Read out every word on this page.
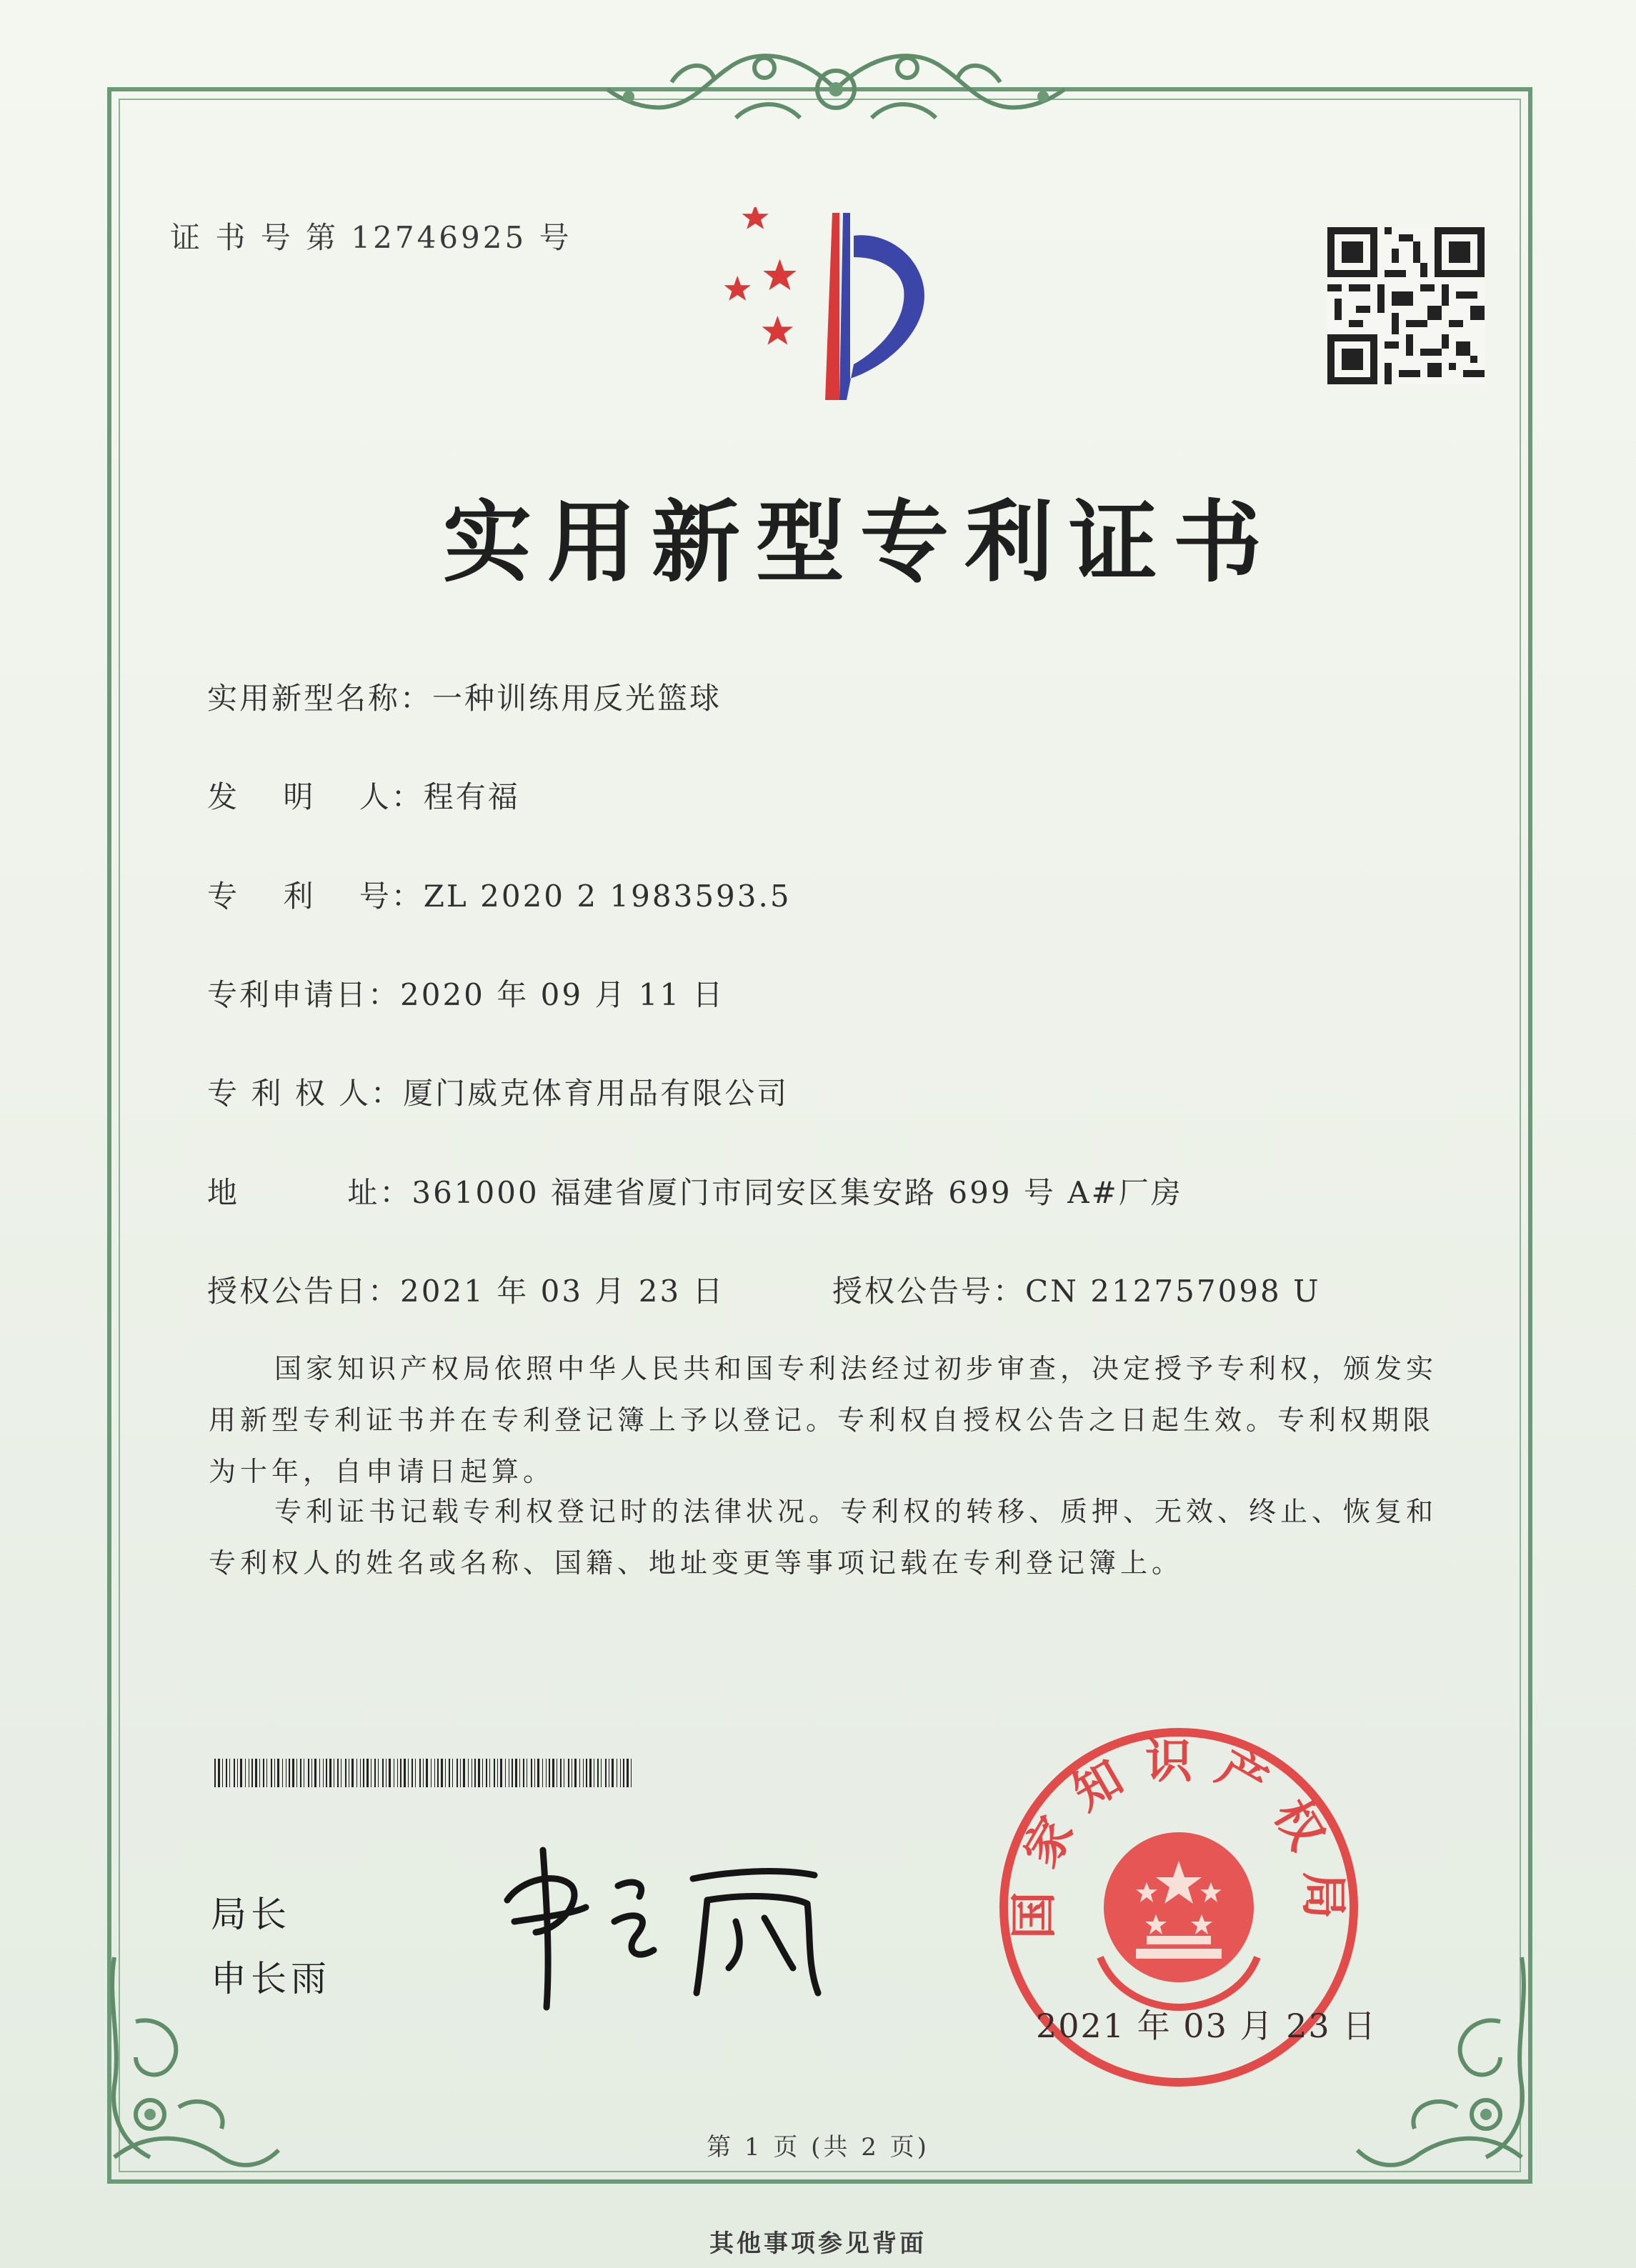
证 书 号 第 12746925 号
实用新型专利证书
实用新型名称：一种训练用反光篮球
发　 明　 人：程有福
专　 利　 号：ZL 2020 2 1983593.5
专利申请日：2020 年 09 月 11 日
专 利 权 人：厦门威克体育用品有限公司
地　　　 址：361000 福建省厦门市同安区集安路 699 号 A#厂房
授权公告日：2021 年 03 月 23 日	授权公告号：CN 212757098 U
国家知识产权局依照中华人民共和国专利法经过初步审查，决定授予专利权，颁发实用新型专利证书并在专利登记簿上予以登记。专利权自授权公告之日起生效。专利权期限为十年，自申请日起算。
专利证书记载专利权登记时的法律状况。专利权的转移、质押、无效、终止、恢复和专利权人的姓名或名称、国籍、地址变更等事项记载在专利登记簿上。
局长
申长雨
国家知识产权局
2021 年 03 月 23 日
第 1 页 (共 2 页)
其他事项参见背面
